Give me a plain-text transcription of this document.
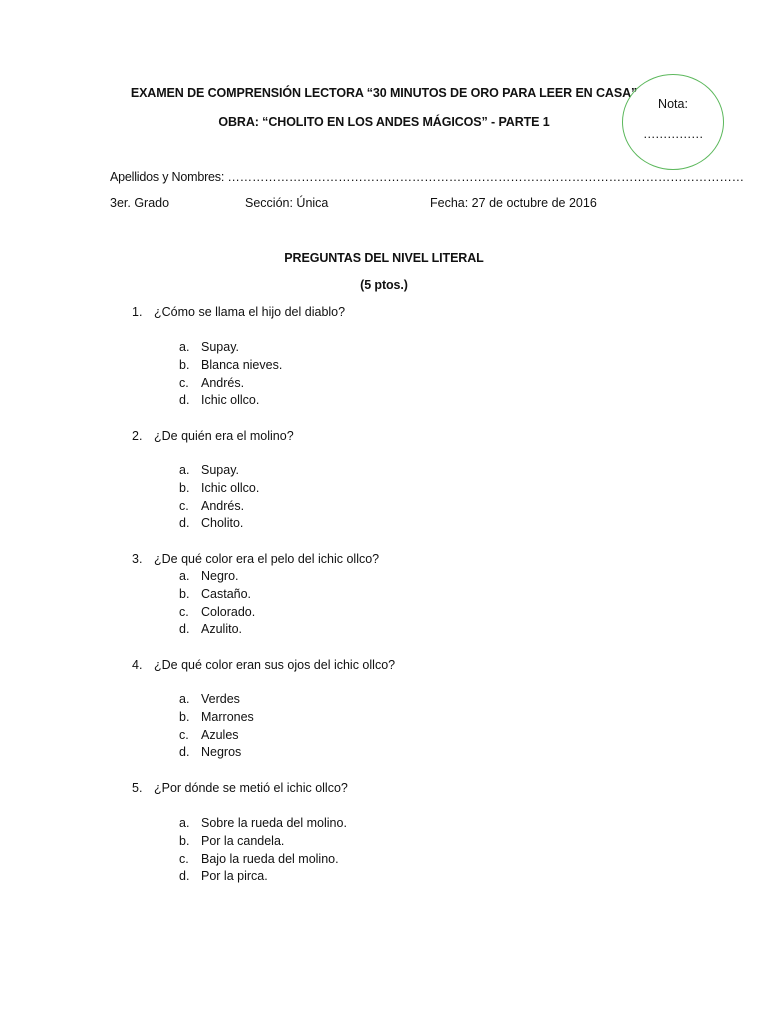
EXAMEN DE COMPRENSIÓN LECTORA “30 MINUTOS DE ORO PARA LEER EN CASA”
OBRA: “CHOLITO EN LOS ANDES MÁGICOS” - PARTE 1
Nota:
……………
Apellidos y Nombres: ………………………………………………………………………………………………………………
3er. Grado	Sección: Única	Fecha: 27 de octubre de 2016
PREGUNTAS DEL NIVEL LITERAL
(5 ptos.)
1. ¿Cómo se llama el hijo del diablo?
a. Supay.
b. Blanca nieves.
c. Andrés.
d. Ichic ollco.
2. ¿De quién era el molino?
a. Supay.
b. Ichic ollco.
c. Andrés.
d. Cholito.
3. ¿De qué color era el pelo del ichic ollco?
a. Negro.
b. Castaño.
c. Colorado.
d. Azulito.
4. ¿De qué color eran sus ojos del ichic ollco?
a. Verdes
b. Marrones
c. Azules
d. Negros
5. ¿Por dónde se metió el ichic ollco?
a. Sobre la rueda del molino.
b. Por la candela.
c. Bajo la rueda del molino.
d. Por la pirca.
